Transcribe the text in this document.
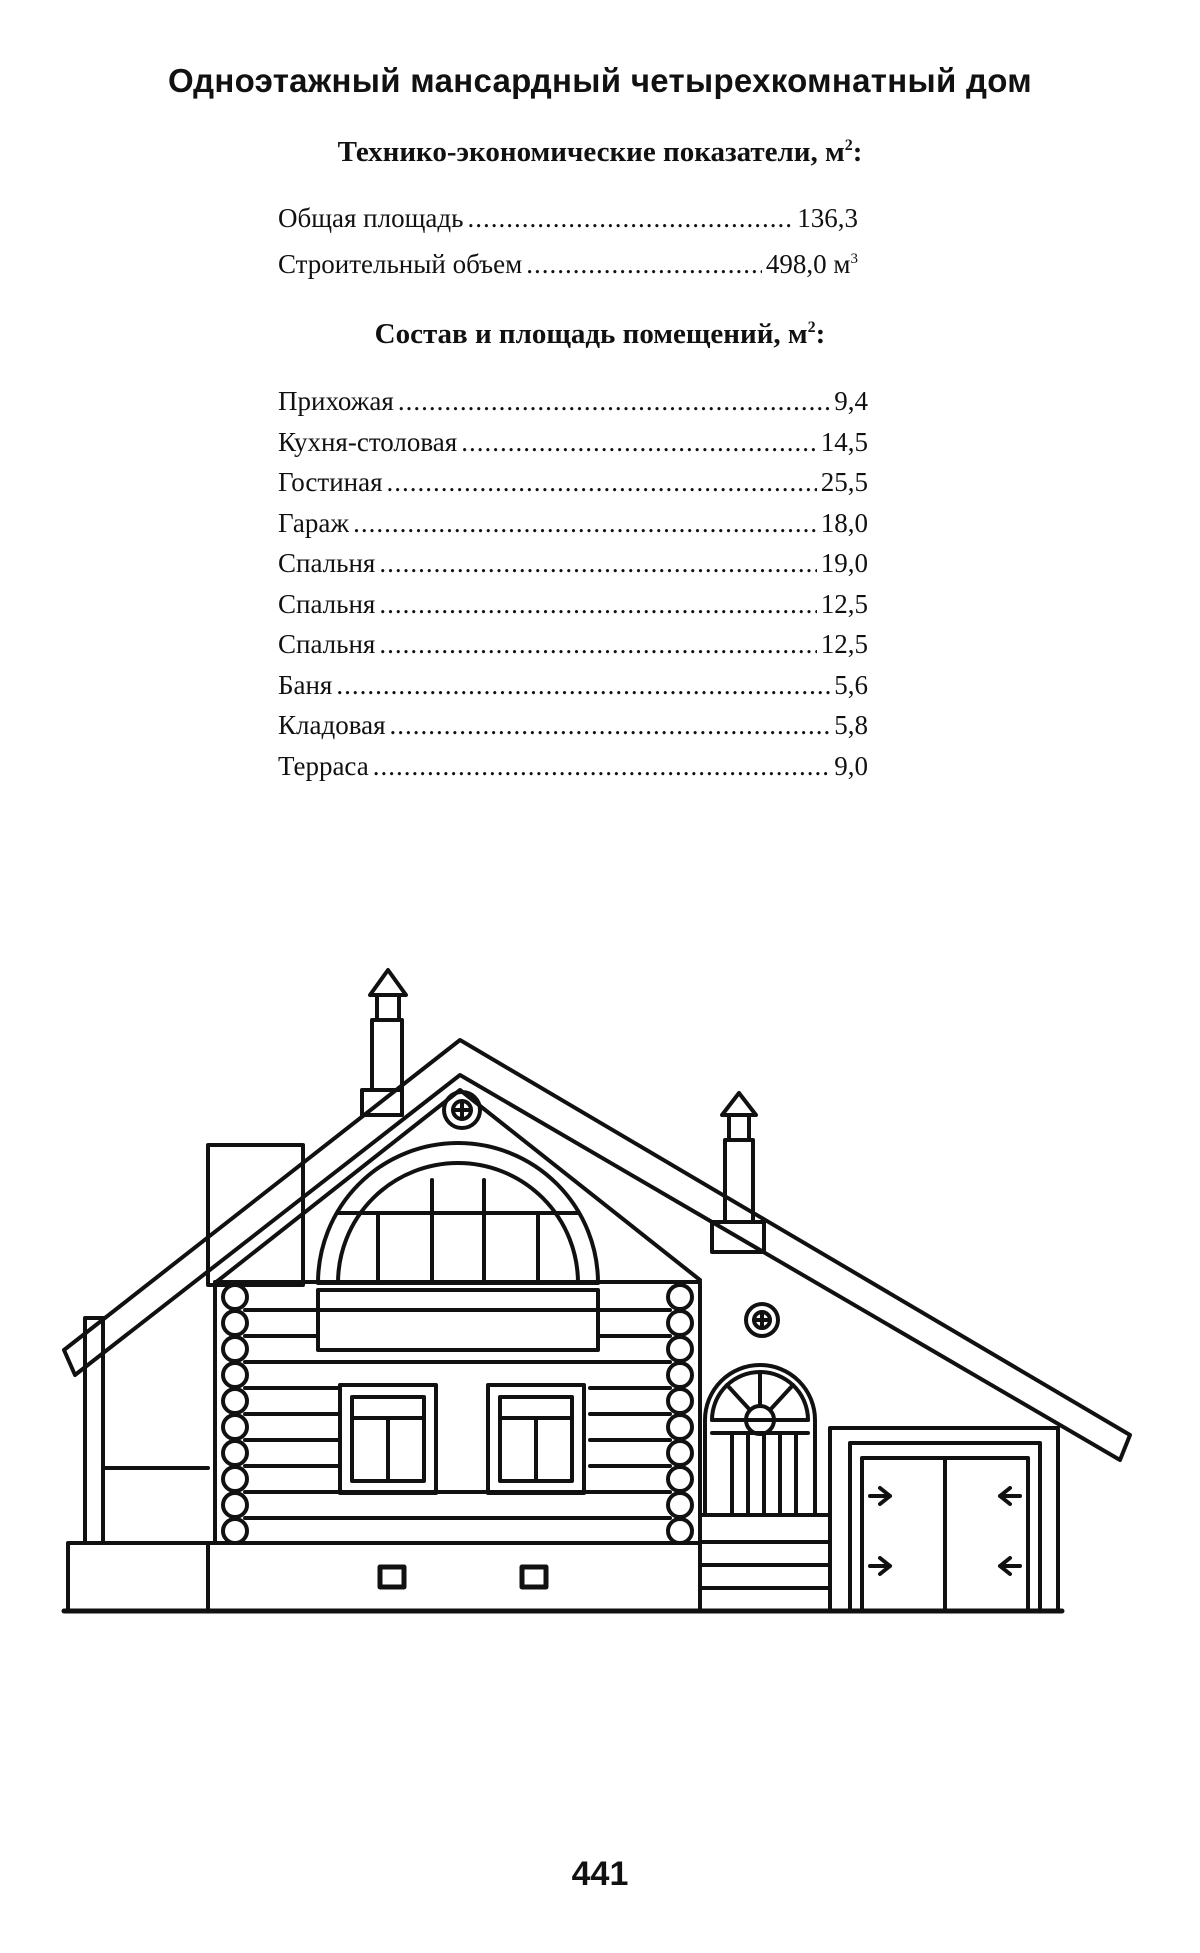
Одноэтажный мансардный четырехкомнатный дом
Технико-экономические показатели, $м^2$:
Общая площадь .....	136,3
Строительный объем .....	498,0 $м^3$
Состав и площадь помещений, $м^2$:
Прихожая .....	9,4
Кухня-столовая .....	14,5
Гостиная .....	25,5
Гараж .....	18,0
Спальня .....	19,0
Спальня .....	12,5
Спальня .....	12,5
Баня .....	5,6
Кладовая .....	5,8
Терраса .....	9,0
441
